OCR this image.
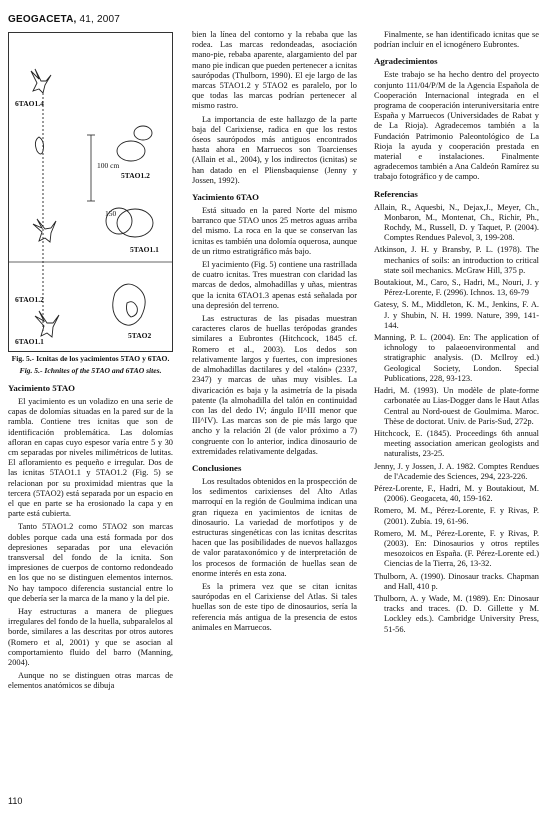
GEOGACETA, 41, 2007
6TAO1.4
5TAO1.2
100 cm
150
5TAO1.1
6TAO1.2
5TAO2
6TAO1.1
Fig. 5.- Icnitas de los yacimientos 5TAO y 6TAO.
Fig. 5.- Ichnites of the 5TAO and 6TAO sites.
Yacimiento 5TAO

El yacimiento es un voladizo en una serie de capas de dolomías situadas en la pared sur de la rambla. Contiene tres icnitas que son de identificación problemática. Las dolomías afloran en capas cuyo espesor varía entre 5 y 30 cm separadas por niveles milimétricos de lutitas. El afloramiento es pequeño e irregular. Dos de las icnitas 5TAO1.1 y 5TAO1.2 (Fig. 5) se relacionan por su proximidad mientras que la tercera (5TAO2) está separada por un espacio en el que en parte se ha erosionado la capa y en parte está cubierta.

Tanto 5TAO1.2 como 5TAO2 son marcas dobles porque cada una está formada por dos depresiones separadas por una elevación transversal del fondo de la icnita. Son impresiones de cuerpos de contorno redondeado en los que no se distinguen elementos internos. No hay tampoco diferencia sustancial entre lo que debería ser la marca de la mano y la del pie.

Hay estructuras a manera de pliegues irregulares del fondo de la huella, subparalelos al borde, similares a las descritas por otros autores (Romero et al, 2001) y que se asocian al comportamiento fluido del barro (Manning, 2004).

Aunque no se distinguen otras marcas de elementos anatómicos se dibuja

bien la línea del contorno y la rebaba que las rodea. Las marcas redondeadas, asociación mano-pie, rebaba aparente, alargamiento del par mano pie indican que pueden pertenecer a icnitas saurópodas (Thulborn, 1990). El eje largo de las marcas 5TAO1.2 y 5TAO2 es paralelo, por lo que todas las marcas podrían pertenecer al mismo rastro.

La importancia de este hallazgo de la parte baja del Carixiense, radica en que los restos óseos saurópodos más antiguos encontrados hasta ahora en Marruecos son Toarcienses (Allain et al., 2004), y los indirectos (icnitas) se han datado en el Pliensbaquiense (Jenny y Jossen, 1992).

Yacimiento 6TAO

Está situado en la pared Norte del mismo barranco que 5TAO unos 25 metros aguas arriba del mismo. La roca en la que se conservan las icnitas es también una dolomía oquerosa, aunque de un ritmo estratigráfico más bajo.

El yacimiento (Fig. 5) contiene una rastrillada de cuatro icnitas. Tres muestran con claridad las marcas de dedos, almohadillas y uñas, mientras que la icnita 6TAO1.3 apenas está señalada por una depresión del terreno.

Las estructuras de las pisadas muestran caracteres claros de huellas terópodas grandes similares a Eubrontes (Hitchcock, 1845 cf. Romero et al., 2003). Los dedos son relativamente largos y fuertes, con impresiones de almohadillas dactilares y del «talón» (2337, 2347) y marcas de uñas muy visibles. La divaricación es baja y la asimetría de la pisada patente (la almohadilla del talón en continuidad con las del dedo IV; ángulo II^III menor que III^IV). Las marcas son de pie más largo que ancho y la relación 2l (de valor próximo a 7) congruente con lo anterior, indica dinosaurio de extremidades relativamente delgadas.

Conclusiones

Los resultados obtenidos en la prospección de los sedimentos carixienses del Alto Atlas marroquí en la región de Goulmima indican una gran riqueza en yacimientos de icnitas de dinosaurio. La variedad de morfotipos y de estructuras singenéticas con las icnitas descritas hacen que las posibilidades de nuevos hallazgos de valor parataxonómico y de interpretación de los procesos de formación de huellas sean de enorme interés en esta zona.

Es la primera vez que se citan icnitas saurópodas en el Carixiense del Atlas. Si tales huellas son de este tipo de dinosaurios, sería la referencia más antigua de la presencia de estos animales en Marruecos.

Finalmente, se han identificado icnitas que se podrían incluir en el icnogénero Eubrontes.

Agradecimientos

Este trabajo se ha hecho dentro del proyecto conjunto 111/04/P/M de la Agencia Española de Cooperación Internacional integrada en el programa de cooperación interuniversitaria entre España y Marruecos (Universidades de Rabat y de La Rioja). Agradecemos también a la Fundación Patrimonio Paleontológico de La Rioja la ayuda y cooperación prestada en material e instalaciones. Finalmente agradecemos también a Ana Caldeón Ramírez su trabajo fotográfico y de campo.

Referencias
Allain, R., Aquesbi, N., Dejax,J., Meyer, Ch., Monbaron, M., Montenat, Ch., Richir, Ph., Rochdy, M., Russell, D. y Taquet, P. (2004). Comptes Rendues Palevol, 3, 199-208.
Atkinson, J. H. y Bransby, P. L. (1978). The mechanics of soils: an introduction to critical state soil mechanics. McGraw Hill, 375 p.
Boutakiout, M., Caro, S., Hadri, M., Nouri, J. y Pérez-Lorente, F. (2996). Ichnos. 13, 69-79
Gatesy, S. M., Middleton, K. M., Jenkins, F. A. J. y Shubin, N. H. 1999. Nature, 399, 141-144.
Manning, P. L. (2004). En: The application of ichnology to palaeoenvironmental and stratigraphic analysis. (D. McIlroy ed.) Geological Society, London. Special Publications, 228, 93-123.
Hadri, M. (1993). Un modèle de plate-forme carbonatée au Lias-Dogger dans le Haut Atlas Central au Nord-ouest de Goulmima. Maroc. Thèse de doctorat. Univ. de Paris-Sud, 272p.
Hitchcock, E. (1845). Proceedings 6th annual meeting association american geologists and naturalists, 23-25.
Jenny, J. y Jossen, J. A. 1982. Comptes Rendues de l'Academie des Sciences, 294, 223-226.
Pérez-Lorente, F., Hadri, M. y Boutakiout, M. (2006). Geogaceta, 40, 159-162.
Romero, M. M., Pérez-Lorente, F. y Rivas, P. (2001). Zubía. 19, 61-96.
Romero, M. M., Pérez-Lorente, F. y Rivas, P. (2003). En: Dinosaurios y otros reptiles mesozoicos en España. (F. Pérez-Lorente ed.) Ciencias de la Tierra, 26, 13-32.
Thulborn, A. (1990). Dinosaur tracks. Chapman and Hall, 410 p.
Thulborn, A. y Wade, M. (1989). En: Dinosaur tracks and traces. (D. D. Gillette y M. Lockley eds.). Cambridge University Press, 51-56.
110
